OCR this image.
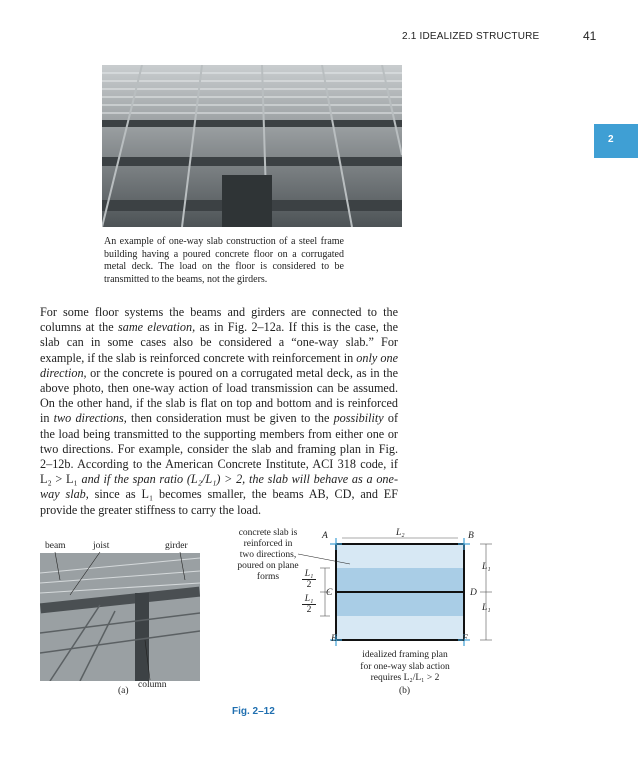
2.1 IDEALIZED STRUCTURE	41
2
An example of one-way slab construction of a steel frame building having a poured concrete floor on a corrugated metal deck. The load on the floor is considered to be transmitted to the beams, not the girders.

For some floor systems the beams and girders are connected to the columns at the same elevation, as in Fig. 2–12a. If this is the case, the slab can in some cases also be considered a “one-way slab.” For example, if the slab is reinforced concrete with reinforcement in only one direction, or the concrete is poured on a corrugated metal deck, as in the above photo, then one-way action of load transmission can be assumed. On the other hand, if the slab is flat on top and bottom and is reinforced in two directions, then consideration must be given to the possibility of the load being transmitted to the supporting members from either one or two directions. For example, consider the slab and framing plan in Fig. 2–12b. According to the American Concrete Institute, ACI 318 code, if L₂ > L₁ and if the span ratio (L₂/L₁) > 2, the slab will behave as a one-way slab, since as L₁ becomes smaller, the beams AB, CD, and EF provide the greater stiffness to carry the load.

beam	joist	girder
column
(a)
concrete slab is
reinforced in
two directions,
poured on plane
forms
A	B
C	D
E	F
L₂
L₁
L₁
$\frac{\text{L₁}}{2}$
$\frac{\text{L₁}}{2}$
idealized framing plan
for one-way slab action
requires L₂/L₁ > 2
(b)
Fig. 2–12
